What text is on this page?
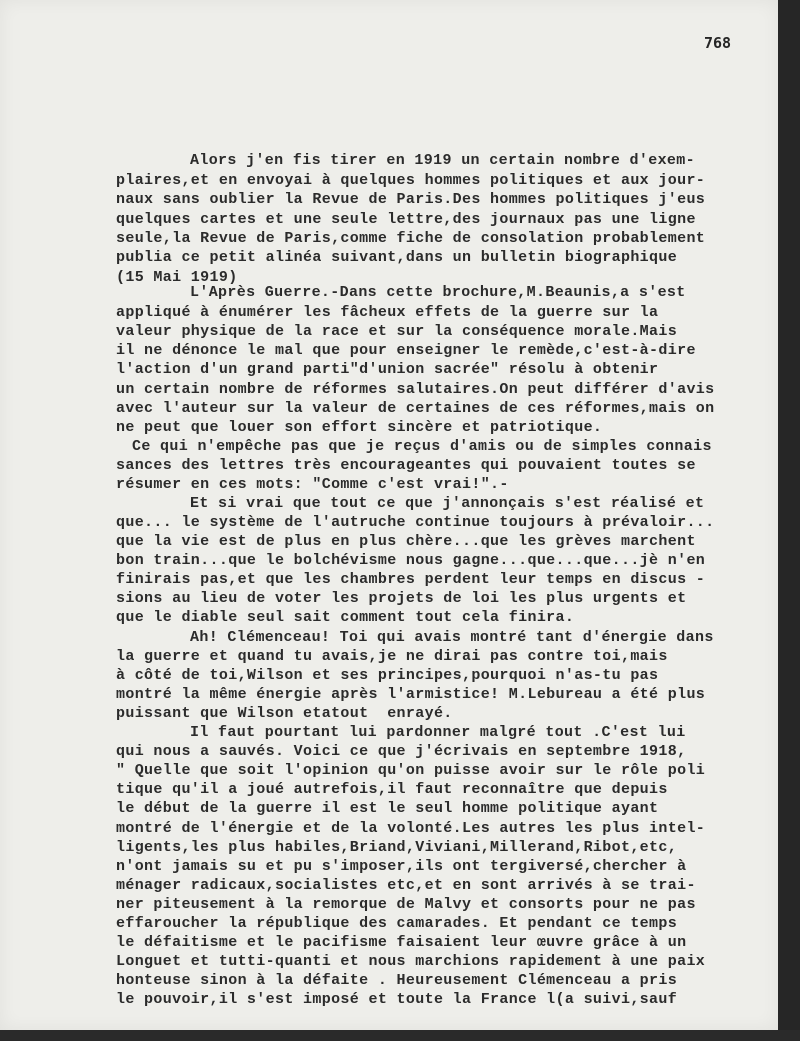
768
Alors j'en fis tirer en 1919 un certain nombre d'exem-
plaires,et en envoyai à quelques hommes politiques et aux jour-
naux sans oublier la Revue de Paris.Des hommes politiques j'eus
quelques cartes et une seule lettre,des journaux pas une ligne
seule,la Revue de Paris,comme fiche de consolation probablement
publia ce petit alinéa suivant,dans un bulletin biographique
(15 Mai 1919)
L'Après Guerre.-Dans cette brochure,M.Beaunis,a s'est
appliqué à énumérer les fâcheux effets de la guerre sur la
valeur physique de la race et sur la conséquence morale.Mais
il ne dénonce le mal que pour enseigner le remède,c'est-à-dire
l'action d'un grand parti"d'union sacrée" résolu à obtenir
un certain nombre de réformes salutaires.On peut différer d'avis
avec l'auteur sur la valeur de certaines de ces réformes,mais on
ne peut que louer son effort sincère et patriotique.
Ce qui n'empêche pas que je reçus d'amis ou de simples connais
sances des lettres très encourageantes qui pouvaient toutes se
résumer en ces mots: "Comme c'est vrai!".-
Et si vrai que tout ce que j'annonçais s'est réalisé et
que... le système de l'autruche continue toujours à prévaloir...
que la vie est de plus en plus chère...que les grèves marchent
bon train...que le bolchévisme nous gagne...que...que...jè n'en
finirais pas,et que les chambres perdent leur temps en discus -
sions au lieu de voter les projets de loi les plus urgents et
que le diable seul sait comment tout cela finira.
Ah! Clémenceau! Toi qui avais montré tant d'énergie dans
la guerre et quand tu avais,je ne dirai pas contre toi,mais
à côté de toi,Wilson et ses principes,pourquoi n'as-tu pas
montré la même énergie après l'armistice! M.Lebureau a été plus
puissant que Wilson etatout  enrayé.
Il faut pourtant lui pardonner malgré tout .C'est lui
qui nous a sauvés. Voici ce que j'écrivais en septembre 1918,
" Quelle que soit l'opinion qu'on puisse avoir sur le rôle poli
tique qu'il a joué autrefois,il faut reconnaître que depuis
le début de la guerre il est le seul homme politique ayant
montré de l'énergie et de la volonté.Les autres les plus intel-
ligents,les plus habiles,Briand,Viviani,Millerand,Ribot,etc,
n'ont jamais su et pu s'imposer,ils ont tergiversé,chercher à
ménager radicaux,socialistes etc,et en sont arrivés à se trai-
ner piteusement à la remorque de Malvy et consorts pour ne pas
effaroucher la république des camarades. Et pendant ce temps
le défaitisme et le pacifisme faisaient leur œuvre grâce à un
Longuet et tutti-quanti et nous marchions rapidement à une paix
honteuse sinon à la défaite . Heureusement Clémenceau a pris
le pouvoir,il s'est imposé et toute la France l(a suivi,sauf
